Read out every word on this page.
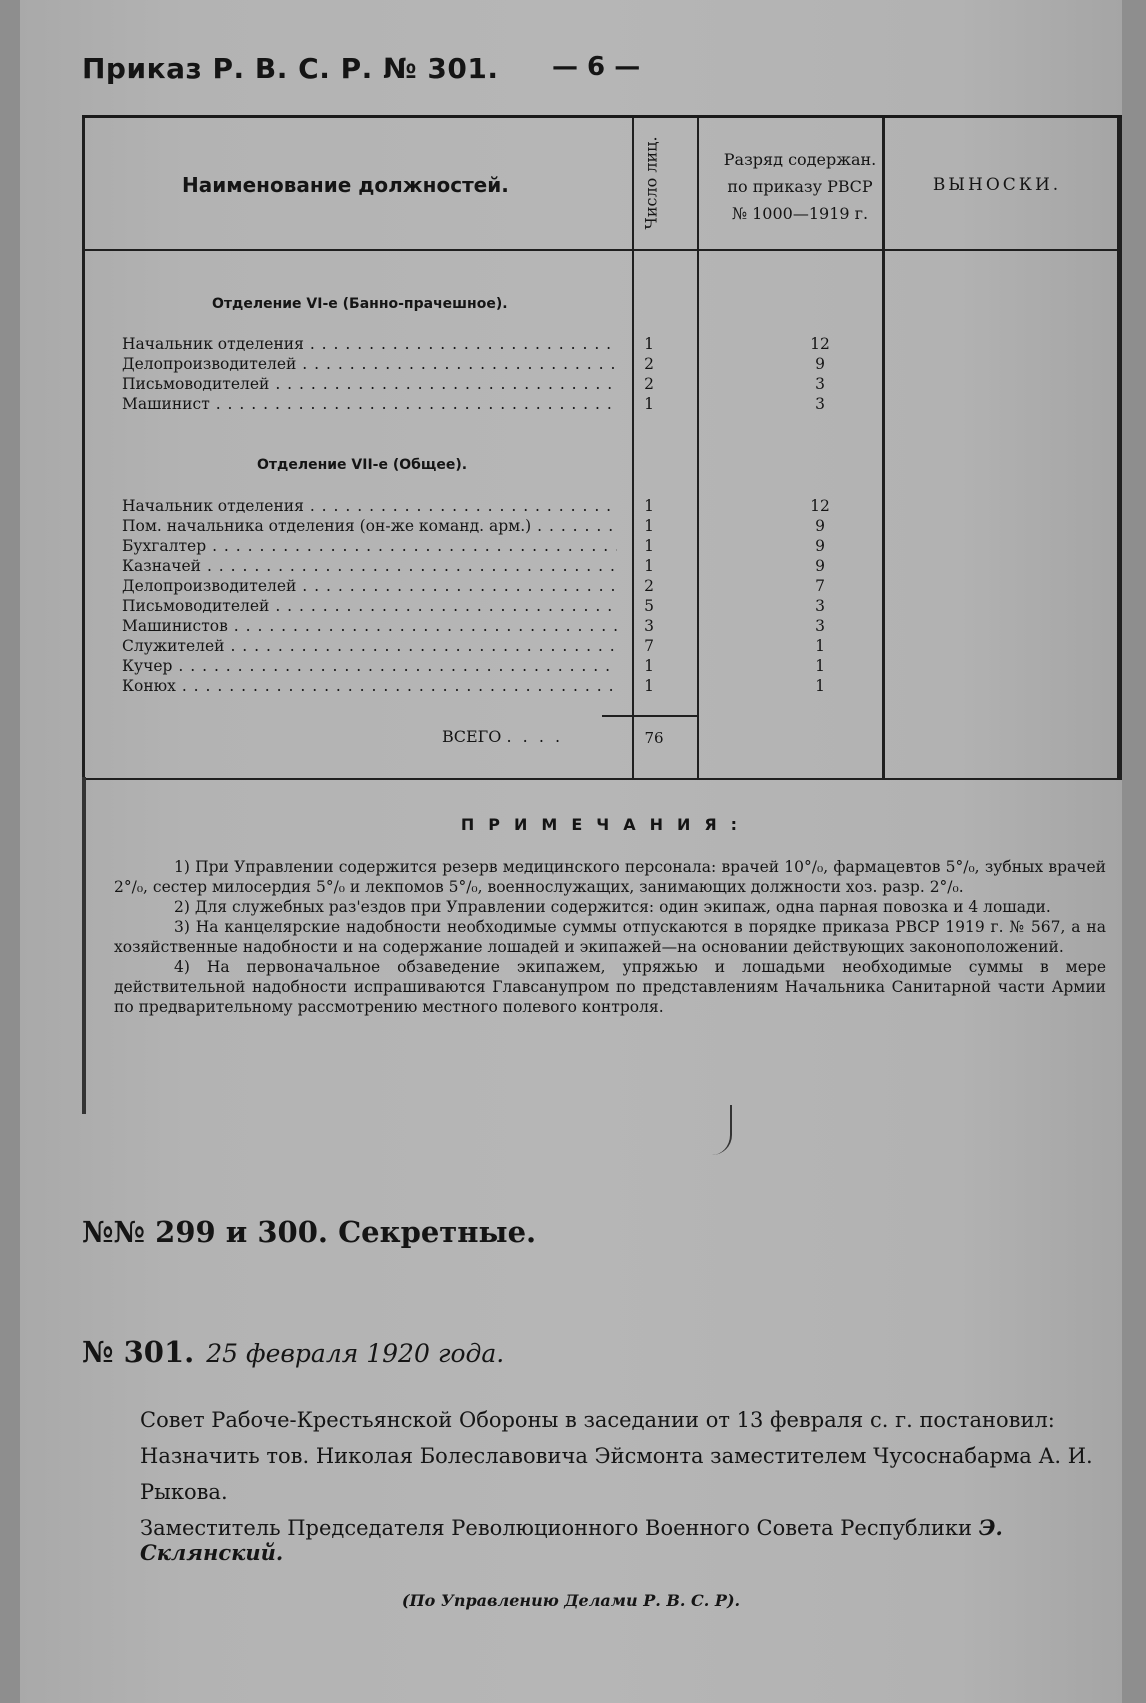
Приказ Р. В. С. Р. № 301. — 6 —
Наименование должностей.	Число лиц.	Разряд содержан.
по приказу РВСР
№ 1000—1919 г.
ВЫНОСКИ.
Отделение VI-е (Банно-прачешное).
Начальник отделения . . .	1	12
Делопроизводителей . . .	2	9
Письмоводителей . . .	2	3
Машинист . . .	1	3
Отделение VII-е (Общее).
Начальник отделения . . .	1	12
Пом. начальника отделения (он-же команд. арм.) . . .	1	9
Бухгалтер . . .	1	9
Казначей . . .	1	9
Делопроизводителей . . .	2	7
Письмоводителей . . .	5	3
Машинистов . . .	3	3
Служителей . . .	7	1
Кучер . . .	1	1
Конюх . . .	1	1
ВСЕГО . . . .	76
ПРИМЕЧАНИЯ:

1) При Управлении содержится резерв медицинского персонала: врачей 10°/₀, фармацевтов 5°/₀, зубных врачей 2°/₀, сестер милосердия 5°/₀ и лекпомов 5°/₀, военнослужащих, занимающих должности хоз. разр. 2°/₀.

2) Для служебных раз'ездов при Управлении содержится: один экипаж, одна парная повозка и 4 лошади.

3) На канцелярские надобности необходимые суммы отпускаются в порядке приказа РВСР 1919 г. № 567, а на хозяйственные надобности и на содержание лошадей и экипажей—на основании действующих законоположений.

4) На первоначальное обзаведение экипажем, упряжью и лошадьми необходимые суммы в мере действительной надобности испрашиваются Главсанупром по представлениям Начальника Санитарной части Армии по предварительному рассмотрению местного полевого контроля.

№№ 299 и 300. Секретные.
№ 301. 25 февраля 1920 года.
Совет Рабоче-Крестьянской Обороны в заседании от 13 февраля с. г. постановил: Назначить тов. Николая Болеславовича Эйсмонта заместителем Чусоснабарма А. И. Рыкова.
Заместитель Председателя Революционного Военного Совета Республики Э. Склянский.
(По Управлению Делами Р. В. С. Р).
